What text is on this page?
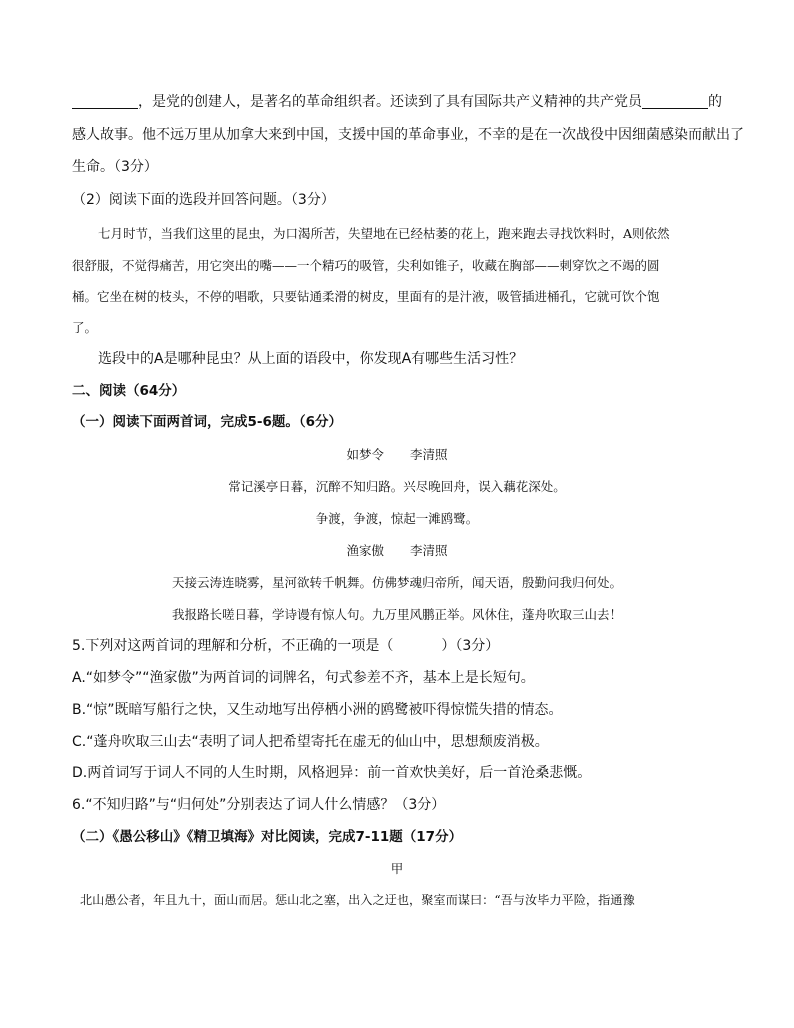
，是党的创建人，是著名的革命组织者。还读到了具有国际共产义精神的共产党员	的
感人故事。他不远万里从加拿大来到中国，支援中国的革命事业，不幸的是在一次战役中因细菌感染而献出了
生命。（3分）
（2）阅读下面的选段并回答问题。（3分）
七月时节，当我们这里的昆虫，为口渴所苦，失望地在已经枯萎的花上，跑来跑去寻找饮料时，A则依然
很舒服，不觉得痛苦，用它突出的嘴——一个精巧的吸管，尖利如锥子，收藏在胸部——刺穿饮之不竭的圆
桶。它坐在树的枝头，不停的唱歌，只要钻通柔滑的树皮，里面有的是汁液，吸管插进桶孔，它就可饮个饱
了。
选段中的A是哪种昆虫？从上面的语段中，你发现A有哪些生活习性？
二、阅读（64分）
（一）阅读下面两首词，完成5-6题。（6分）
如梦令 李清照
常记溪亭日暮，沉醉不知归路。兴尽晚回舟，误入藕花深处。
争渡，争渡，惊起一滩鸥鹭。
渔家傲 李清照
天接云涛连晓雾，星河欲转千帆舞。仿佛梦魂归帝所，闻天语，殷勤问我归何处。
我报路长嗟日暮，学诗谩有惊人句。九万里风鹏正举。风休住，蓬舟吹取三山去！
5.下列对这两首词的理解和分析，不正确的一项是（	）（3分）
A.“如梦令”“渔家傲”为两首词的词牌名，句式参差不齐，基本上是长短句。
B.“惊”既暗写船行之快，又生动地写出停栖小洲的鸥鹭被吓得惊慌失措的情态。
C.“蓬舟吹取三山去“表明了词人把希望寄托在虚无的仙山中，思想颓废消极。
D.两首词写于词人不同的人生时期，风格迥异：前一首欢快美好，后一首沧桑悲慨。
6.“不知归路”与“归何处”分别表达了词人什么情感？（3分）
（二）《愚公移山》《精卫填海》对比阅读，完成7-11题（17分）
甲
北山愚公者，年且九十，面山而居。惩山北之塞，出入之迂也，聚室而谋曰：“吾与汝毕力平险，指通豫
